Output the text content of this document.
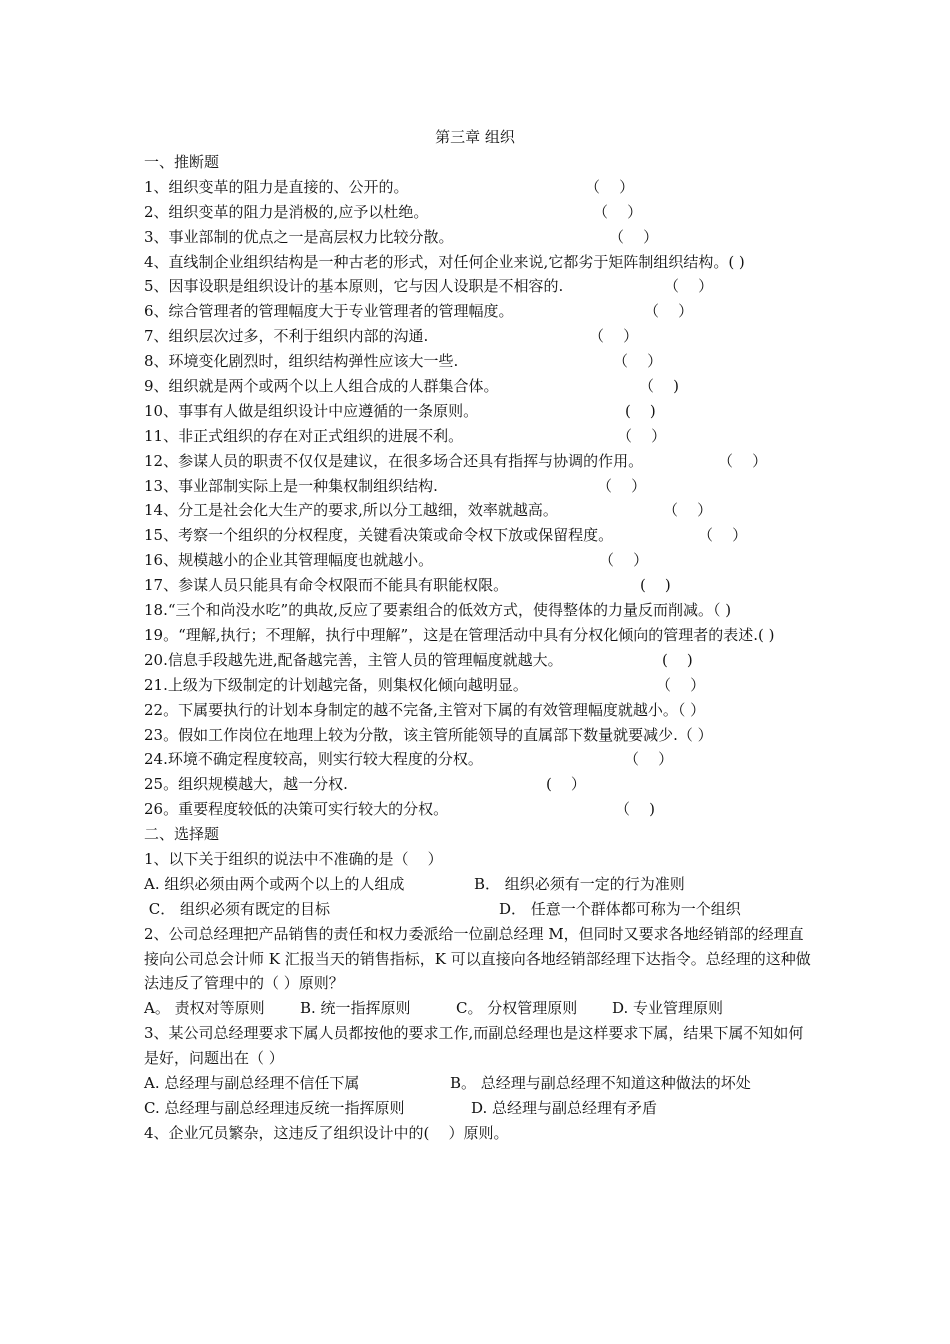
第三章 组织
一、推断题
1、组织变革的阻力是直接的、公开的。	（    ）
2、组织变革的阻力是消极的,应予以杜绝。	（    ）
3、事业部制的优点之一是高层权力比较分散。	（    ）
4、直线制企业组织结构是一种古老的形式，对任何企业来说,它都劣于矩阵制组织结构。( )
5、因事设职是组织设计的基本原则，它与因人设职是不相容的.	（    ）
6、综合管理者的管理幅度大于专业管理者的管理幅度。	（    ）
7、组织层次过多，不利于组织内部的沟通.	（    ）
8、环境变化剧烈时，组织结构弹性应该大一些.	（    ）
9、组织就是两个或两个以上人组合成的人群集合体。	（    )
10、事事有人做是组织设计中应遵循的一条原则。	(    )
11、非正式组织的存在对正式组织的进展不利。	（    ）
12、参谋人员的职责不仅仅是建议，在很多场合还具有指挥与协调的作用。	（    ）
13、事业部制实际上是一种集权制组织结构.	（    ）
14、分工是社会化大生产的要求,所以分工越细，效率就越高。	（    ）
15、考察一个组织的分权程度，关键看决策或命令权下放或保留程度。	（    ）
16、规模越小的企业其管理幅度也就越小。	（    ）
17、参谋人员只能具有命令权限而不能具有职能权限。	(    )
18.“三个和尚没水吃”的典故,反应了要素组合的低效方式，使得整体的力量反而削减。（ )
19。“理解,执行；不理解，执行中理解”，这是在管理活动中具有分权化倾向的管理者的表述.( )
20.信息手段越先进,配备越完善，主管人员的管理幅度就越大。	(    )
21.上级为下级制定的计划越完备，则集权化倾向越明显。	（    ）
22。下属要执行的计划本身制定的越不完备,主管对下属的有效管理幅度就越小。（ ）
23。假如工作岗位在地理上较为分散，该主管所能领导的直属部下数量就要减少.（ ）
24.环境不确定程度较高，则实行较大程度的分权。	（    ）
25。组织规模越大，越一分权.	(    ）
26。重要程度较低的决策可实行较大的分权。	（    )
二、选择题
1、以下关于组织的说法中不准确的是（    ）
A. 组织必须由两个或两个以上的人组成	B． 组织必须有一定的行为准则
C． 组织必须有既定的目标	D． 任意一个群体都可称为一个组织
2、公司总经理把产品销售的责任和权力委派给一位副总经理 M，但同时又要求各地经销部的经理直接向公司总会计师 K 汇报当天的销售指标，K 可以直接向各地经销部经理下达指令。总经理的这种做法违反了管理中的（ ）原则？
A。 责权对等原则 B. 统一指挥原则	C。 分权管理原则 D. 专业管理原则
3、某公司总经理要求下属人员都按他的要求工作,而副总经理也是这样要求下属，结果下属不知如何是好，问题出在（ ）
A. 总经理与副总经理不信任下属	B。 总经理与副总经理不知道这种做法的坏处
C. 总经理与副总经理违反统一指挥原则	D. 总经理与副总经理有矛盾
4、企业冗员繁杂，这违反了组织设计中的(    ）原则。
